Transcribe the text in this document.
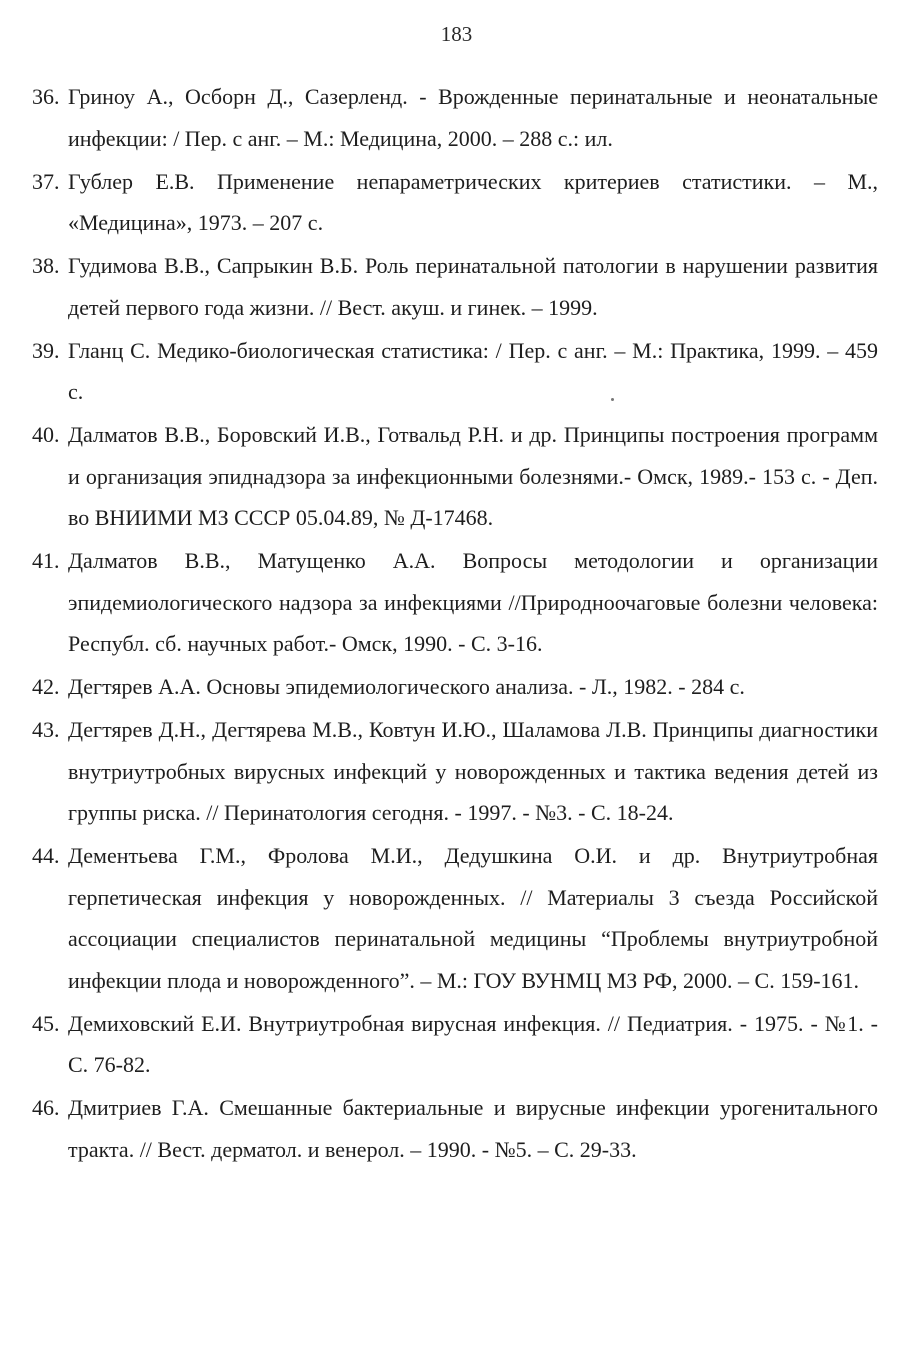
183
36. Гриноу А., Осборн Д., Сазерленд. - Врожденные перинатальные и неонатальные инфекции: / Пер. с анг. – М.: Медицина, 2000. – 288 с.: ил.
37. Гублер Е.В. Применение непараметрических критериев статистики. – М., «Медицина», 1973. – 207 с.
38. Гудимова В.В., Сапрыкин В.Б. Роль перинатальной патологии в нарушении развития детей первого года жизни. // Вест. акуш. и гинек. – 1999.
39. Гланц С. Медико-биологическая статистика: / Пер. с анг. – М.: Практика, 1999. – 459 с.
40. Далматов В.В., Боровский И.В., Готвальд Р.Н. и др. Принципы построения программ и организация эпиднадзора за инфекционными болезнями.- Омск, 1989.- 153 с. - Деп. во ВНИИМИ МЗ СССР 05.04.89, № Д-17468.
41. Далматов В.В., Матущенко А.А. Вопросы методологии и организации эпидемиологического надзора за инфекциями //Природноочаговые болезни человека: Республ. сб. научных работ.- Омск, 1990. - С. 3-16.
42. Дегтярев А.А. Основы эпидемиологического анализа. - Л., 1982. - 284 с.
43. Дегтярев Д.Н., Дегтярева М.В., Ковтун И.Ю., Шаламова Л.В. Принципы диагностики внутриутробных вирусных инфекций у новорожденных и тактика ведения детей из группы риска. // Перинатология сегодня. - 1997. - №3. - С. 18-24.
44. Дементьева Г.М., Фролова М.И., Дедушкина О.И. и др. Внутриутробная герпетическая инфекция у новорожденных. // Материалы 3 съезда Российской ассоциации специалистов перинатальной медицины “Проблемы внутриутробной инфекции плода и новорожденного”. – М.: ГОУ ВУНМЦ МЗ РФ, 2000. – С. 159-161.
45. Демиховский Е.И. Внутриутробная вирусная инфекция. // Педиатрия. - 1975. - №1. - С. 76-82.
46. Дмитриев Г.А. Смешанные бактериальные и вирусные инфекции урогенитального тракта. // Вест. дерматол. и венерол. – 1990. - №5. – С. 29-33.
